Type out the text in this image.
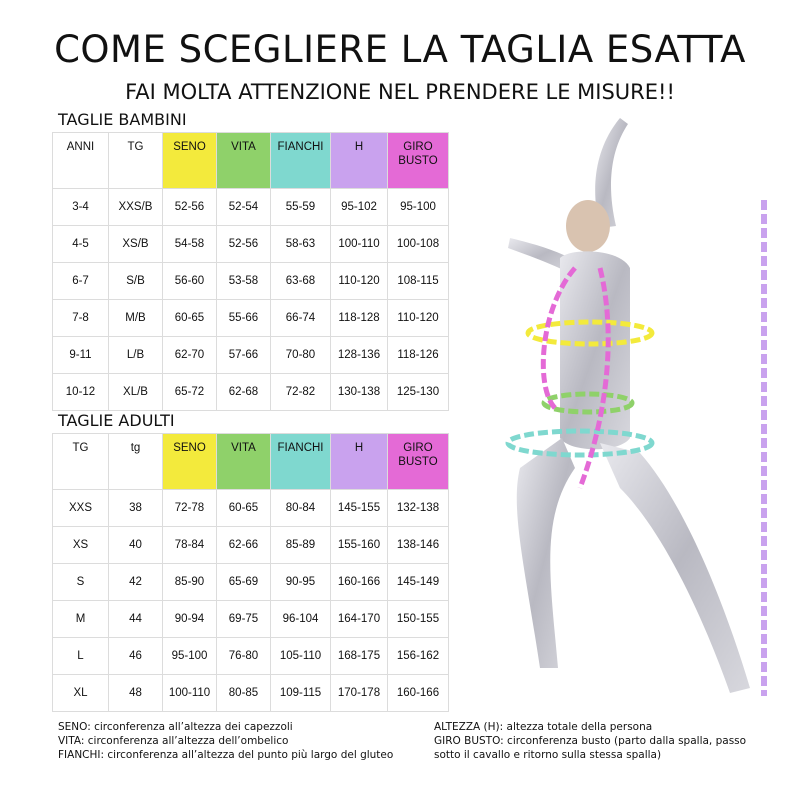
COME SCEGLIERE LA TAGLIA ESATTA
FAI MOLTA ATTENZIONE NEL PRENDERE LE MISURE!!
TAGLIE BAMBINI
ANNI	TG	SENO	VITA	FIANCHI	H	GIRO
BUSTO
3-4	XXS/B	52-56	52-54	55-59	95-102	95-100
4-5	XS/B	54-58	52-56	58-63	100-110	100-108
6-7	S/B	56-60	53-58	63-68	110-120	108-115
7-8	M/B	60-65	55-66	66-74	118-128	110-120
9-11	L/B	62-70	57-66	70-80	128-136	118-126
10-12	XL/B	65-72	62-68	72-82	130-138	125-130
TAGLIE ADULTI
TG	tg	SENO	VITA	FIANCHI	H	GIRO
BUSTO
XXS	38	72-78	60-65	80-84	145-155	132-138
XS	40	78-84	62-66	85-89	155-160	138-146
S	42	85-90	65-69	90-95	160-166	145-149
M	44	90-94	69-75	96-104	164-170	150-155
L	46	95-100	76-80	105-110	168-175	156-162
XL	48	100-110	80-85	109-115	170-178	160-166
SENO: circonferenza all’altezza dei capezzoli
VITA: circonferenza all’altezza dell’ombelico
FIANCHI: circonferenza all’altezza del punto più largo del gluteo
ALTEZZA (H): altezza totale della persona
GIRO BUSTO: circonferenza busto (parto dalla spalla, passo
sotto il cavallo e ritorno sulla stessa spalla)
